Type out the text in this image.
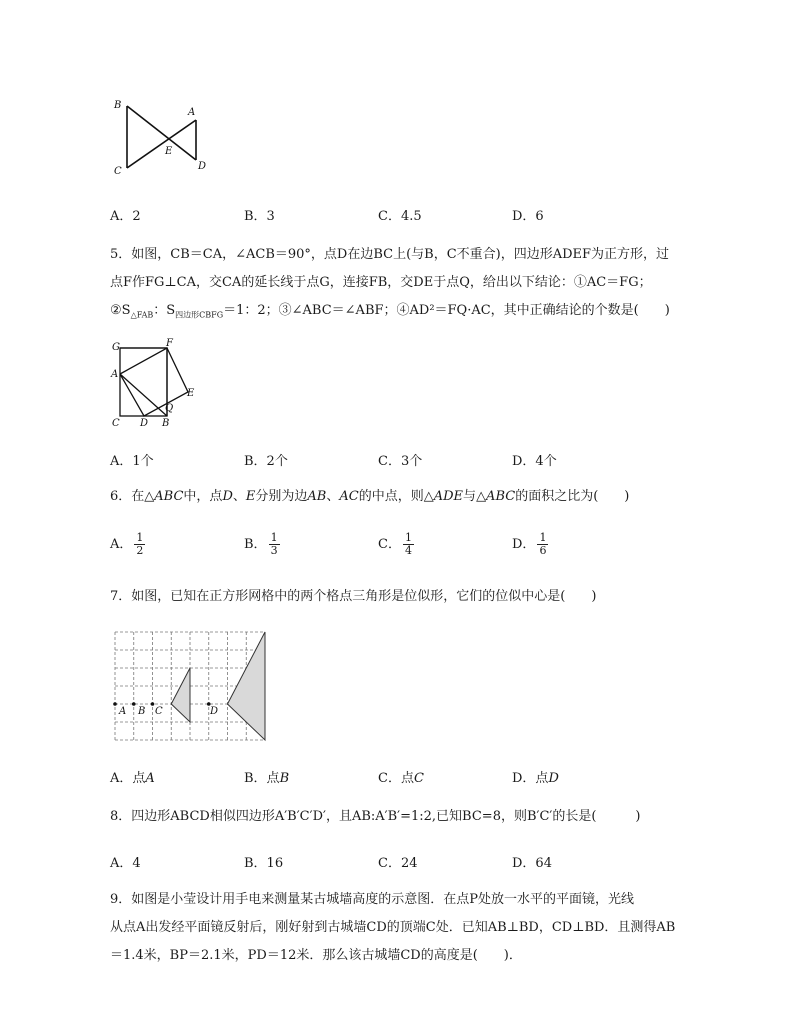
B
A
E
C	D
A．2	B．3	C．4.5	D．6
5．如图，CB＝CA，∠ACB＝90°，点D在边BC上(与B，C不重合)，四边形ADEF为正方形，过
点F作FG⊥CA，交CA的延长线于点G，连接FB，交DE于点Q，给出以下结论：①AC＝FG；
$②S_{\triangle FAB}$：$S_{四边形CBFG}=1$：2；③∠ABC＝∠ABF；④AD²＝FQ·AC，其中正确结论的个数是(　　)
G	F
A
E
Q
C D B
A．1个	B．2个	C．3个	D．4个
6．在△ABC中，点D、E分别为边AB、AC的中点，则△ADE与△ABC的面积之比为(　　)
A． $\frac{1}{2}$	B． $\frac{1}{3}$	C． $\frac{1}{4}$	D． $\frac{1}{6}$
7．如图，已知在正方形网格中的两个格点三角形是位似形，它们的位似中心是(　　)
A B C	D
A．点A	B．点B	C．点C	D．点D
8．四边形ABCD相似四边形A′B′C′D′，且AB:A′B′=1:2,已知BC=8，则B′C′的长是(　　　)
A．4	B．16	C．24	D．64
9．如图是小莹设计用手电来测量某古城墙高度的示意图．在点P处放一水平的平面镜，光线
从点A出发经平面镜反射后，刚好射到古城墙CD的顶端C处．已知AB⊥BD，CD⊥BD．且测得AB
＝1.4米，BP＝2.1米，PD＝12米．那么该古城墙CD的高度是(　　)．
